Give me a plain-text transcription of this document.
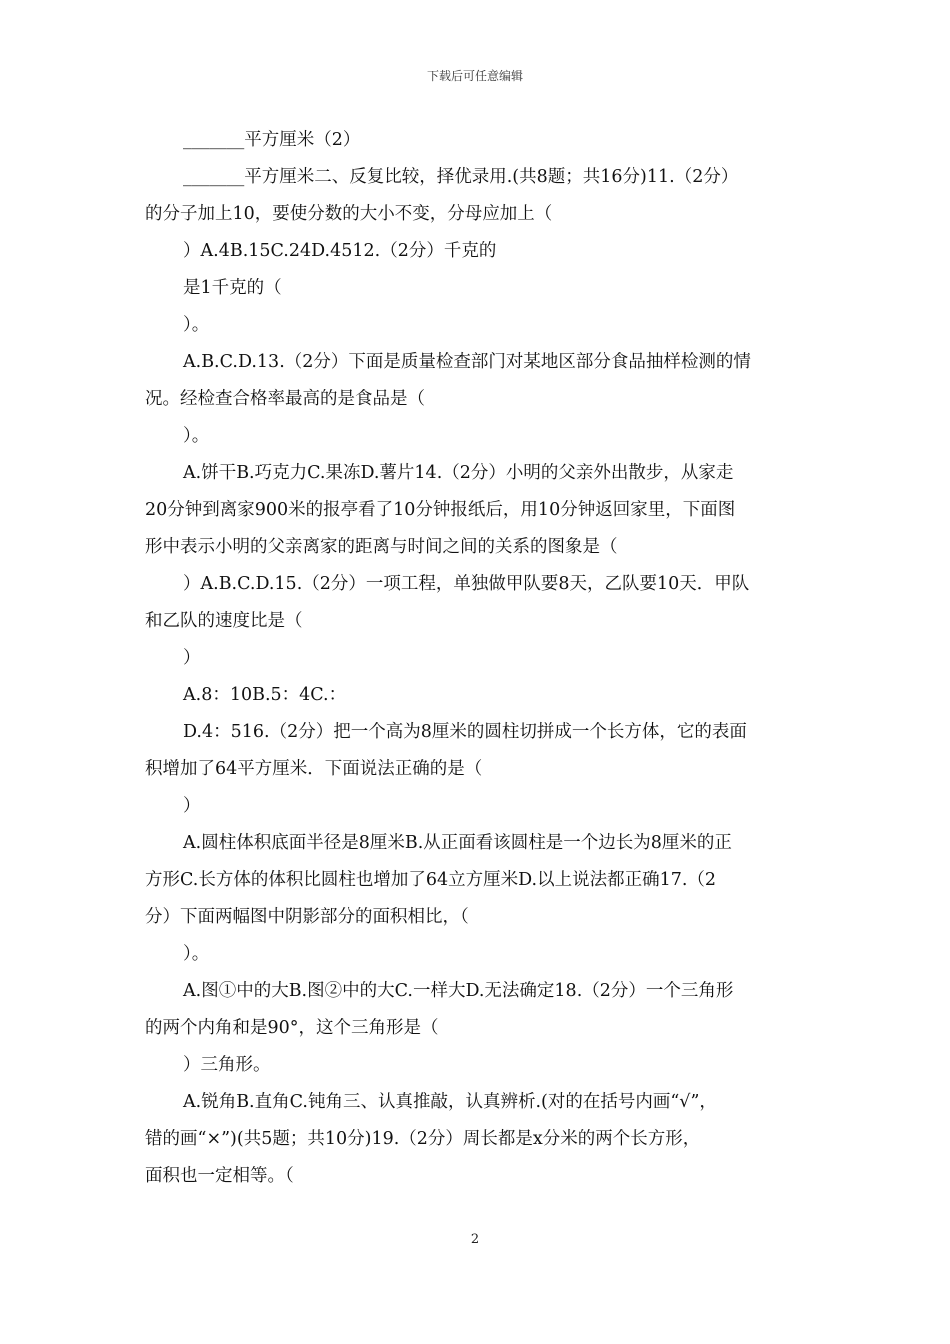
下载后可任意编辑
_______平方厘米（2）
_______平方厘米二、反复比较，择优录用.(共8题；共16分)11.（2分）
的分子加上10，要使分数的大小不变，分母应加上（
）A.4B.15C.24D.4512.（2分）千克的
是1千克的（
）。
A.B.C.D.13.（2分）下面是质量检查部门对某地区部分食品抽样检测的情
况。经检查合格率最高的是食品是（
）。
A.饼干B.巧克力C.果冻D.薯片14.（2分）小明的父亲外出散步，从家走
20分钟到离家900米的报亭看了10分钟报纸后，用10分钟返回家里，下面图
形中表示小明的父亲离家的距离与时间之间的关系的图象是（
）A.B.C.D.15.（2分）一项工程，单独做甲队要8天，乙队要10天．甲队
和乙队的速度比是（
）
A.8：10B.5：4C.：
D.4：516.（2分）把一个高为8厘米的圆柱切拼成一个长方体，它的表面
积增加了64平方厘米．下面说法正确的是（
）
A.圆柱体积底面半径是8厘米B.从正面看该圆柱是一个边长为8厘米的正
方形C.长方体的体积比圆柱也增加了64立方厘米D.以上说法都正确17.（2
分）下面两幅图中阴影部分的面积相比，（
）。
A.图①中的大B.图②中的大C.一样大D.无法确定18.（2分）一个三角形
的两个内角和是90°，这个三角形是（
）三角形。
A.锐角B.直角C.钝角三、认真推敲，认真辨析.(对的在括号内画“√”，
错的画“×”)(共5题；共10分)19.（2分）周长都是x分米的两个长方形，
面积也一定相等。（
2
